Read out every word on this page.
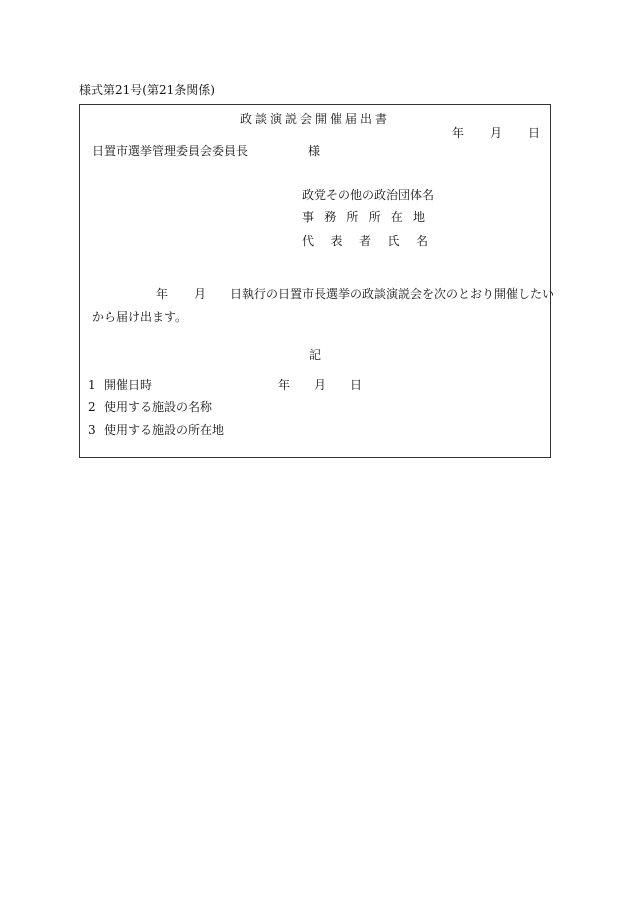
様式第21号(第21条関係)
政談演説会開催届出書
年 月 日
日置市選挙管理委員会委員長	様
政党その他の政治団体名
事務所所在地
代表者氏名
年 月 日執行の日置市長選挙の政談演説会を次のとおり開催したい
から届け出ます。
記
1 開催日時	年 月 日
2 使用する施設の名称
3 使用する施設の所在地
